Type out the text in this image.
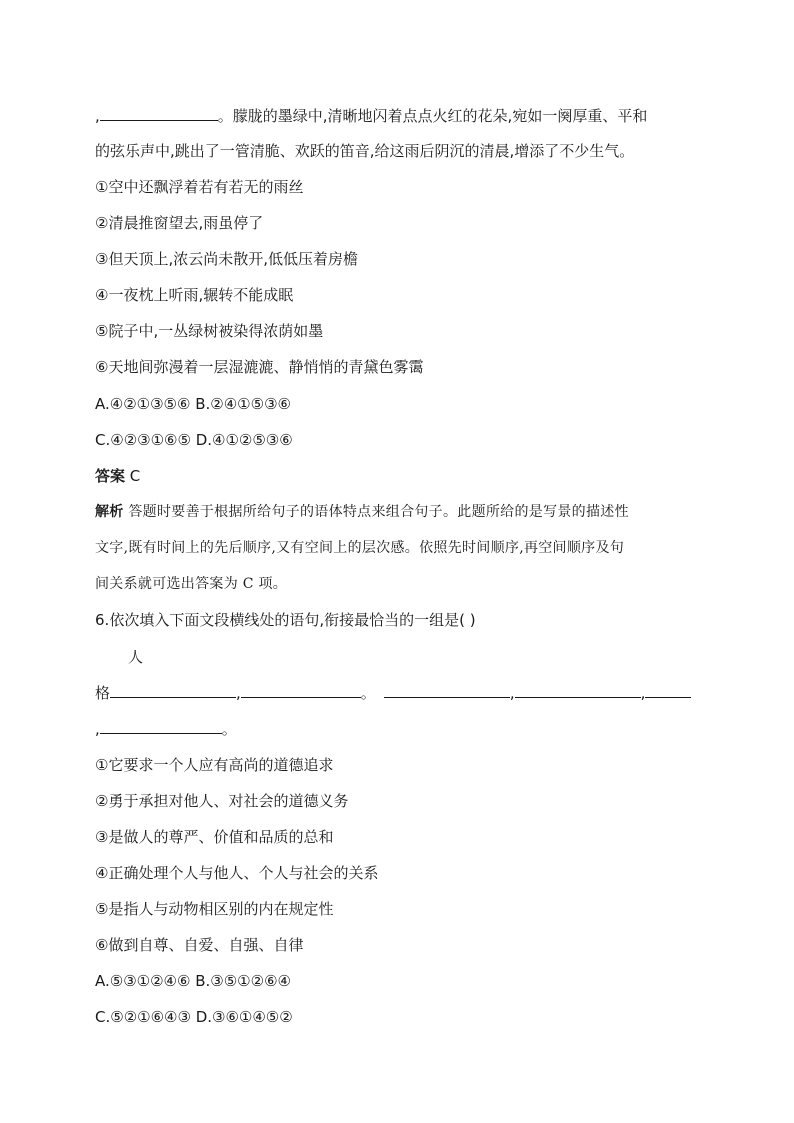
,	。朦胧的墨绿中,清晰地闪着点点火红的花朵,宛如一阕厚重、平和
的弦乐声中,跳出了一管清脆、欢跃的笛音,给这雨后阴沉的清晨,增添了不少生气。
①空中还飘浮着若有若无的雨丝
②清晨推窗望去,雨虽停了
③但天顶上,浓云尚未散开,低低压着房檐
④一夜枕上听雨,辗转不能成眠
⑤院子中,一丛绿树被染得浓荫如墨
⑥天地间弥漫着一层湿漉漉、静悄悄的青黛色雾霭
A.④②①③⑤⑥ B.②④①⑤③⑥
C.④②③①⑥⑤ D.④①②⑤③⑥
答案 C
解析 答题时要善于根据所给句子的语体特点来组合句子。此题所给的是写景的描述性
文字,既有时间上的先后顺序,又有空间上的层次感。依照先时间顺序,再空间顺序及句
间关系就可选出答案为 C 项。
6.依次填入下面文段横线处的语句,衔接最恰当的一组是( )
人
格	,	。	,	,
,	。
①它要求一个人应有高尚的道德追求
②勇于承担对他人、对社会的道德义务
③是做人的尊严、价值和品质的总和
④正确处理个人与他人、个人与社会的关系
⑤是指人与动物相区别的内在规定性
⑥做到自尊、自爱、自强、自律
A.⑤③①②④⑥ B.③⑤①②⑥④
C.⑤②①⑥④③ D.③⑥①④⑤②
